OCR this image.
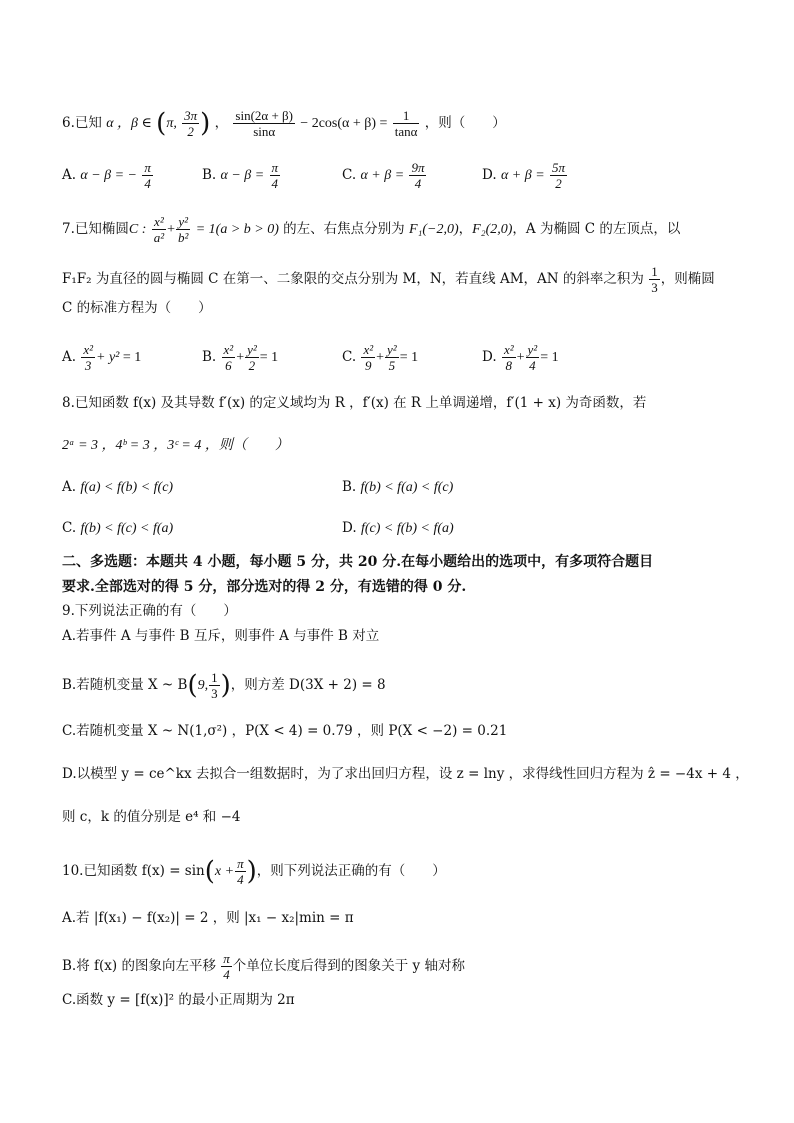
6.已知 α ，β ∈ (π, $\frac{3\pi}{2}$ ) ， $\frac{\sin(2\alpha + \beta)}{\sin\alpha} - 2\cos(\alpha + \beta) = \frac{1}{\tan\alpha}$ ，则（　　）
A. α − β = − $\frac{\pi}{4}$	B. $\alpha - \beta = \frac{\pi}{4}$	C. $\alpha + \beta = \frac{9\pi}{4}$	D. $\alpha + \beta = \frac{5\pi}{2}$
7.已知椭圆C : $\frac{\text{x²}}{\text{a²}} + \frac{\text{y²}}{\text{b²}} = 1(a > b > 0)$ 的左、右焦点分别为 F₁(−2,0)，F₂(2,0)，A 为椭圆 C 的左顶点，以
F₁F₂ 为直径的圆与椭圆 C 在第一、二象限的交点分别为 M，N，若直线 AM，AN 的斜率之积为 $\frac{1}{3}$ ，则椭圆
C 的标准方程为（　　）
A. $\frac{\text{x²}}{3} + y^2 = 1$	B. $\frac{\text{x²}}{6} + \frac{\text{y²}}{2} = 1$	C. $\frac{\text{x²}}{9} + \frac{\text{y²}}{5} = 1$	D. $\frac{\text{x²}}{8} + \frac{\text{y²}}{4} = 1$
8.已知函数 f(x) 及其导数 f′(x) 的定义域均为 R ，f′(x) 在 R 上单调递增，f′(1 + x) 为奇函数，若
2ᵃ = 3 ，4ᵇ = 3 ，3ᶜ = 4 ，则（　　）
A. f(a) < f(b) < f(c)	B. f(b) < f(a) < f(c)
C. f(b) < f(c) < f(a)	D. f(c) < f(b) < f(a)
二、多选题：本题共 4 小题，每小题 5 分，共 20 分.在每小题给出的选项中，有多项符合题目
要求.全部选对的得 5 分，部分选对的得 2 分，有选错的得 0 分.
9.下列说法正确的有（　　）
A.若事件 A 与事件 B 互斥，则事件 A 与事件 B 对立
B.若随机变量 X ~ B(9, $\frac{1}{3}$ )，则方差 D(3X + 2) = 8
C.若随机变量 X ~ N(1,σ²) ，P(X < 4) = 0.79 ，则 P(X < −2) = 0.21
D.以模型 y = ce^kx 去拟合一组数据时，为了求出回归方程，设 z = lny ，求得线性回归方程为 ẑ = −4x + 4 ，
则 c，k 的值分别是 e⁴ 和 −4
10.已知函数 $f(x) = \sin(x + \frac{\pi}{4}$ )，则下列说法正确的有（　　）
A.若 |f(x₁) − f(x₂)| = 2 ，则 |x₁ − x₂|min = π
B.将 f(x) 的图象向左平移 $\frac{\pi}{4}$ 个单位长度后得到的图象关于 y 轴对称
C.函数 y = [f(x)]² 的最小正周期为 2π
